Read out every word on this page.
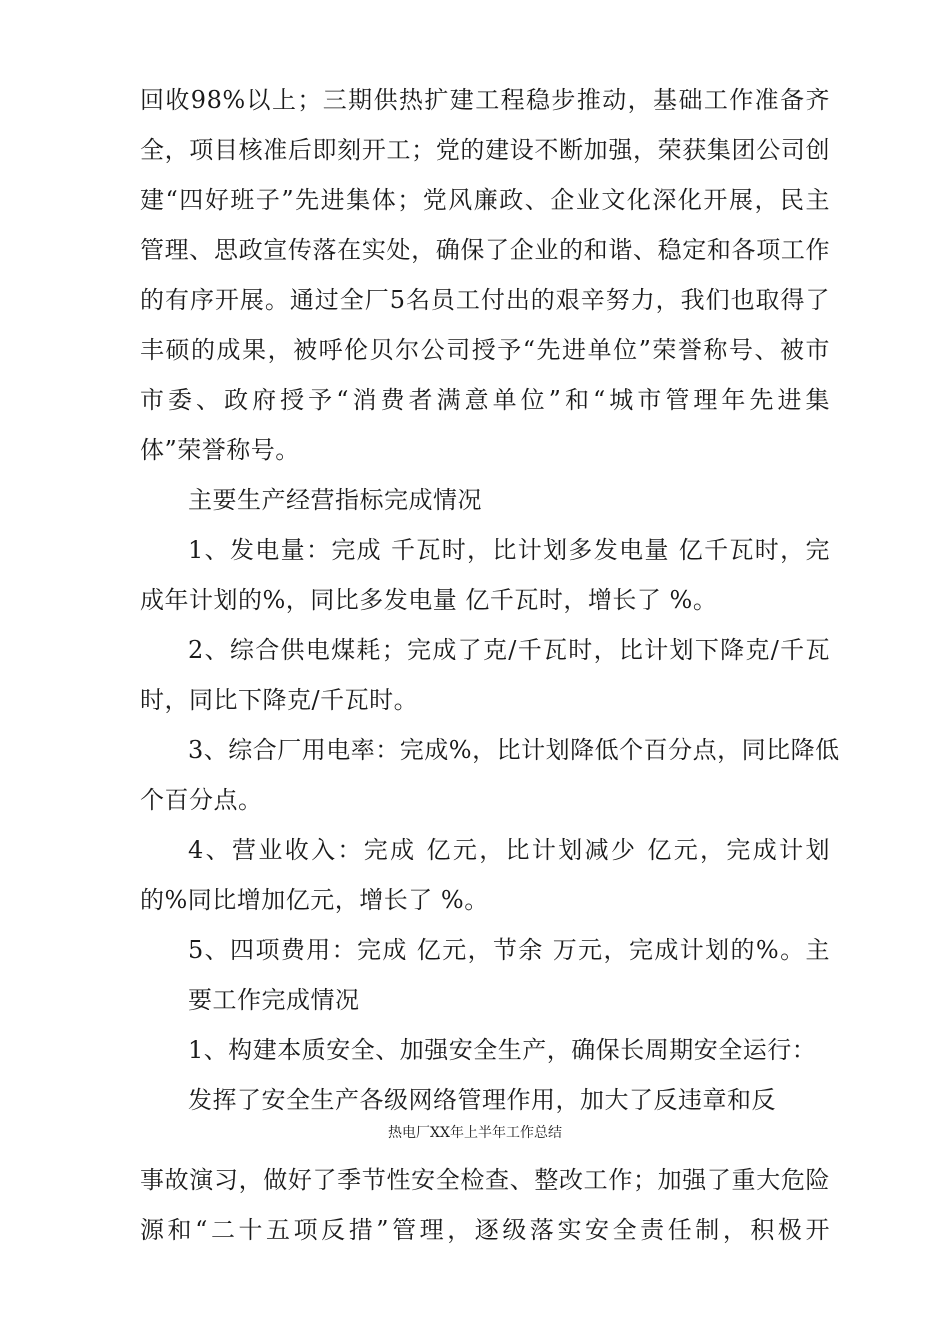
回收98%以上；三期供热扩建工程稳步推动，基础工作准备齐
全，项目核准后即刻开工；党的建设不断加强，荣获集团公司创
建“四好班子”先进集体；党风廉政、企业文化深化开展，民主
管理、思政宣传落在实处，确保了企业的和谐、稳定和各项工作
的有序开展。通过全厂5名员工付出的艰辛努力，我们也取得了
丰硕的成果，被呼伦贝尔公司授予“先进单位”荣誉称号、被市
市委、政府授予“消费者满意单位”和“城市管理年先进集
体”荣誉称号。
主要生产经营指标完成情况
1、发电量：完成 千瓦时，比计划多发电量 亿千瓦时，完
成年计划的%，同比多发电量 亿千瓦时，增长了 %。
2、综合供电煤耗；完成了克/千瓦时，比计划下降克/千瓦
时，同比下降克/千瓦时。
3、综合厂用电率：完成%，比计划降低个百分点，同比降低
个百分点。
4、营业收入：完成 亿元，比计划减少 亿元，完成计划
的%同比增加亿元，增长了 %。
5、四项费用：完成 亿元，节余 万元，完成计划的%。主
要工作完成情况
1、构建本质安全、加强安全生产，确保长周期安全运行：
发挥了安全生产各级网络管理作用，加大了反违章和反
热电厂XX年上半年工作总结
事故演习，做好了季节性安全检查、整改工作；加强了重大危险
源和“二十五项反措”管理，逐级落实安全责任制，积极开
